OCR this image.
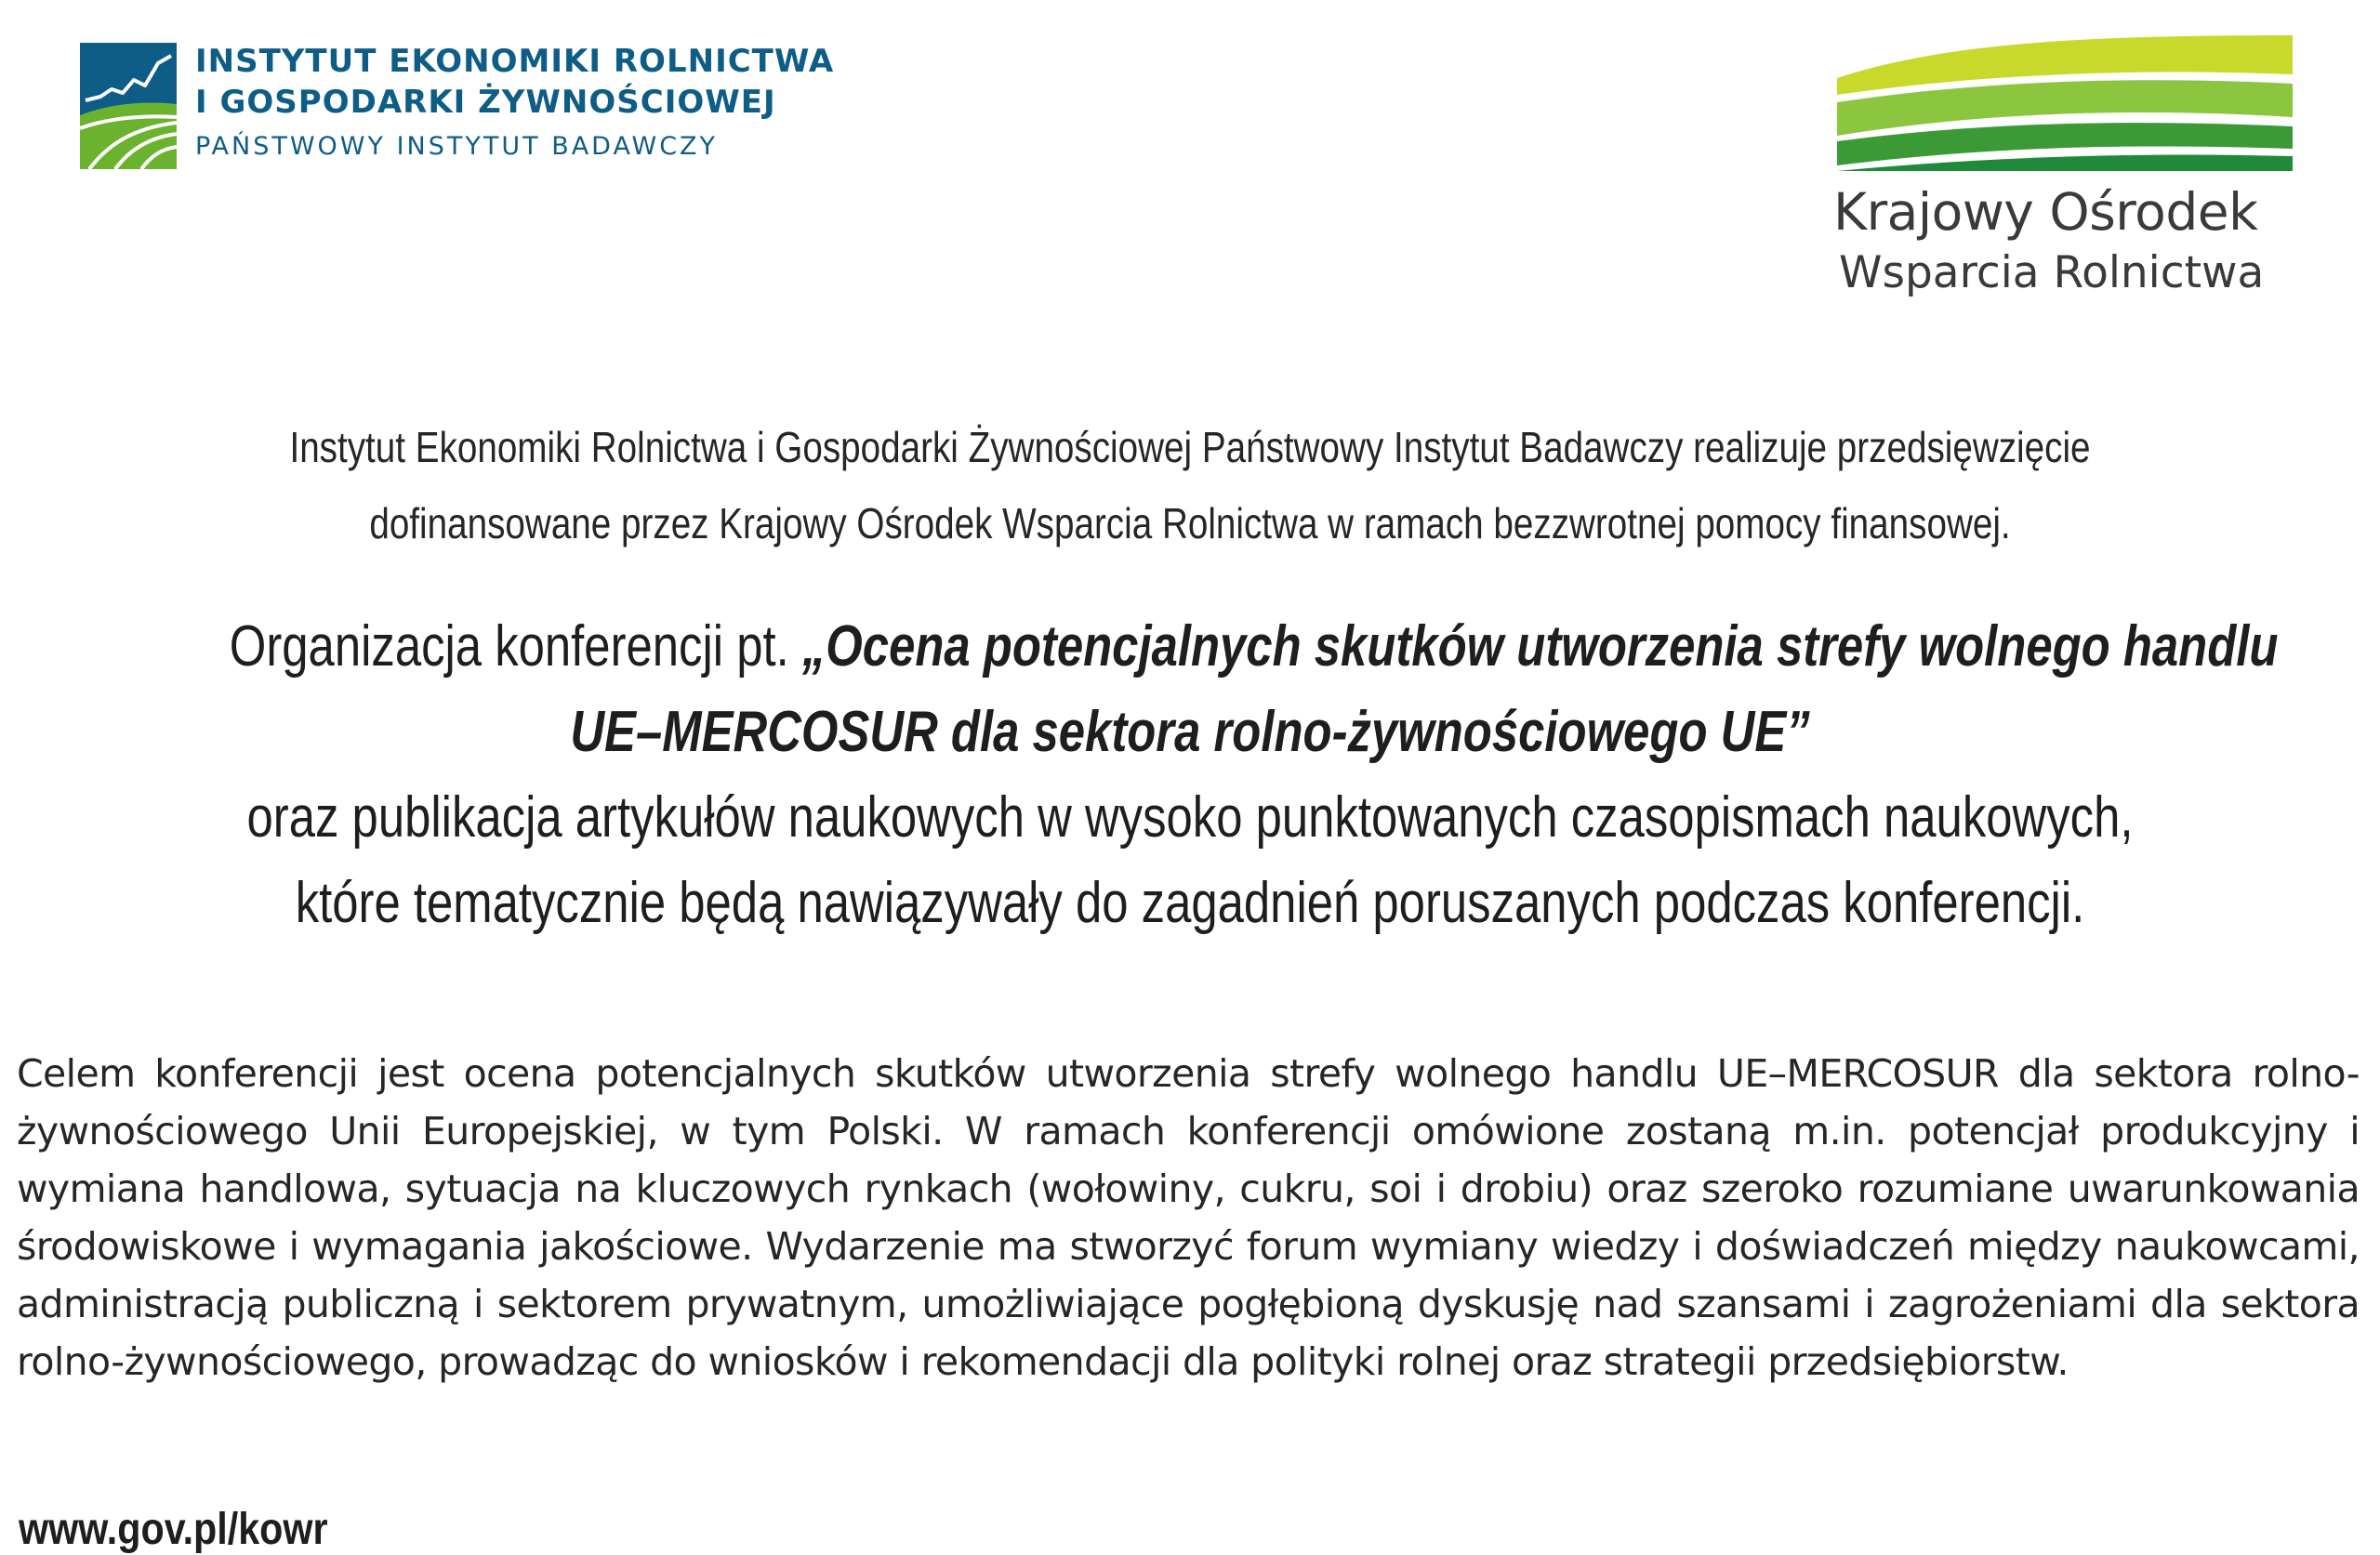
INSTYTUT EKONOMIKI ROLNICTWA
I GOSPODARKI ŻYWNOŚCIOWEJ
PAŃSTWOWY INSTYTUT BADAWCZY
Krajowy Ośrodek
Wsparcia Rolnictwa

Instytut Ekonomiki Rolnictwa i Gospodarki Żywnościowej Państwowy Instytut Badawczy realizuje przedsięwzięcie

dofinansowane przez Krajowy Ośrodek Wsparcia Rolnictwa w ramach bezzwrotnej pomocy finansowej.

Organizacja konferencji pt. „Ocena potencjalnych skutków utworzenia strefy wolnego handlu

UE–MERCOSUR dla sektora rolno-żywnościowego UE”

oraz publikacja artykułów naukowych w wysoko punktowanych czasopismach naukowych,

które tematycznie będą nawiązywały do zagadnień poruszanych podczas konferencji.

Celem konferencji jest ocena potencjalnych skutków utworzenia strefy wolnego handlu UE–MERCOSUR dla sektora rolno-żywnościowego Unii Europejskiej, w tym Polski. W ramach konferencji omówione zostaną m.in. potencjał produkcyjny i wymiana handlowa, sytuacja na kluczowych rynkach (wołowiny, cukru, soi i drobiu) oraz szeroko rozumiane uwarunkowania środowiskowe i wymagania jakościowe. Wydarzenie ma stworzyć forum wymiany wiedzy i doświadczeń między naukowcami, administracją publiczną i sektorem prywatnym, umożliwiające pogłębioną dyskusję nad szansami i zagrożeniami dla sektora rolno-żywnościowego, prowadząc do wniosków i rekomendacji dla polityki rolnej oraz strategii przedsiębiorstw.

www.gov.pl/kowr
